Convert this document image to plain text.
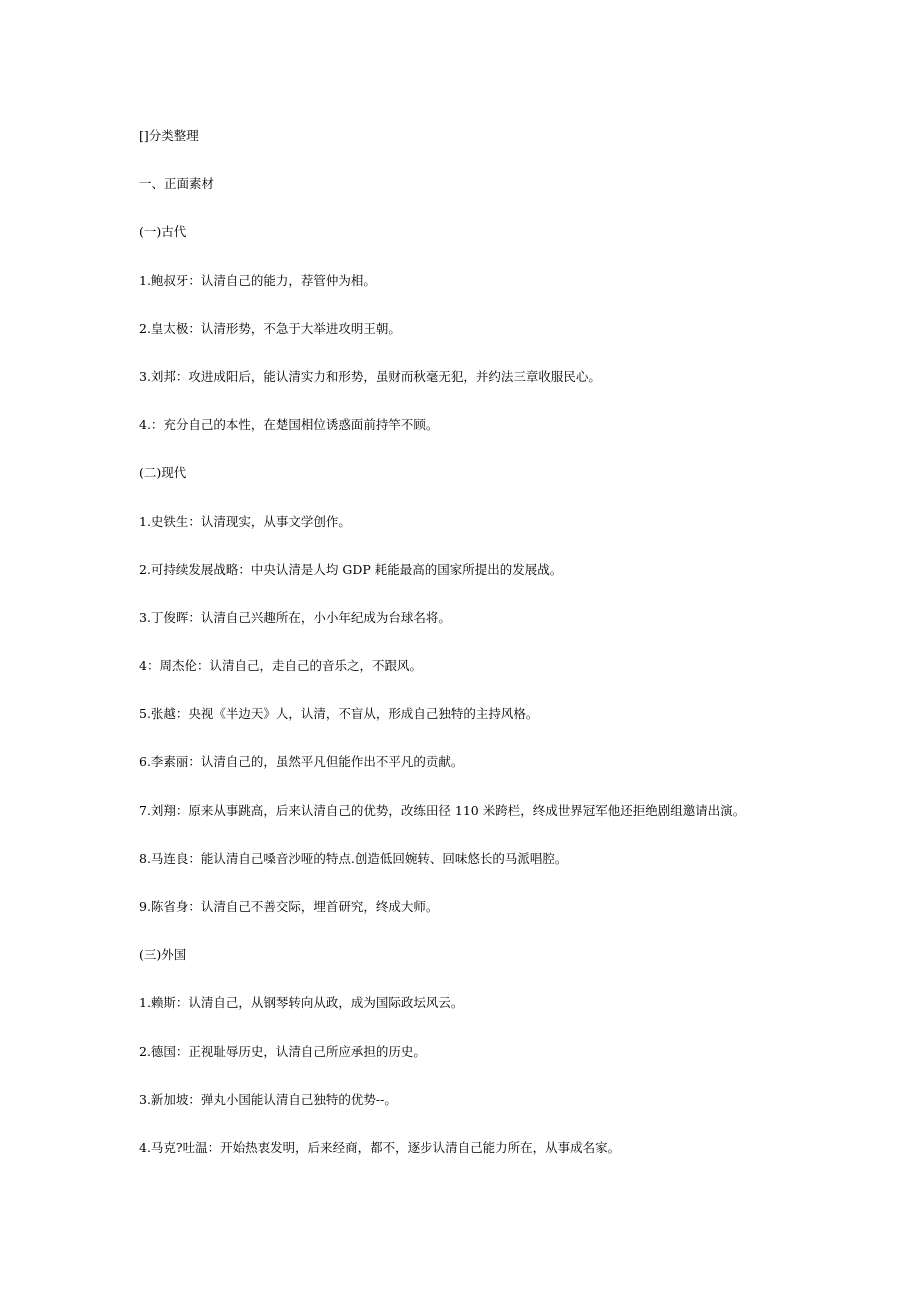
[]分类整理
一、正面素材
(一)古代
1.鲍叔牙：认清自己的能力，荐管仲为相。
2.皇太极：认清形势，不急于大举进攻明王朝。
3.刘邦：攻进成阳后，能认清实力和形势，虽财而秋毫无犯，并约法三章收服民心。
4.：充分自己的本性，在楚国相位诱惑面前持竿不顾。
(二)现代
1.史铁生：认清现实，从事文学创作。
2.可持续发展战略：中央认清是人均 GDP 耗能最高的国家所提出的发展战。
3.丁俊晖：认清自己兴趣所在，小小年纪成为台球名将。
4：周杰伦：认清自己，走自己的音乐之，不跟风。
5.张越：央视《半边天》人，认清，不盲从，形成自己独特的主持风格。
6.李素丽：认清自己的，虽然平凡但能作出不平凡的贡献。
7.刘翔：原来从事跳高，后来认清自己的优势，改练田径 110 米跨栏，终成世界冠军他还拒绝剧组邀请出演。
8.马连良：能认清自己嗓音沙哑的特点.创造低回婉转、回味悠长的马派唱腔。
9.陈省身：认清自己不善交际，埋首研究，终成大师。
(三)外国
1.赖斯：认清自己，从钢琴转向从政，成为国际政坛风云。
2.德国：正视耻辱历史，认清自己所应承担的历史。
3.新加坡：弹丸小国能认清自己独特的优势--。
4.马克?吐温：开始热衷发明，后来经商，都不，逐步认清自己能力所在，从事成名家。
